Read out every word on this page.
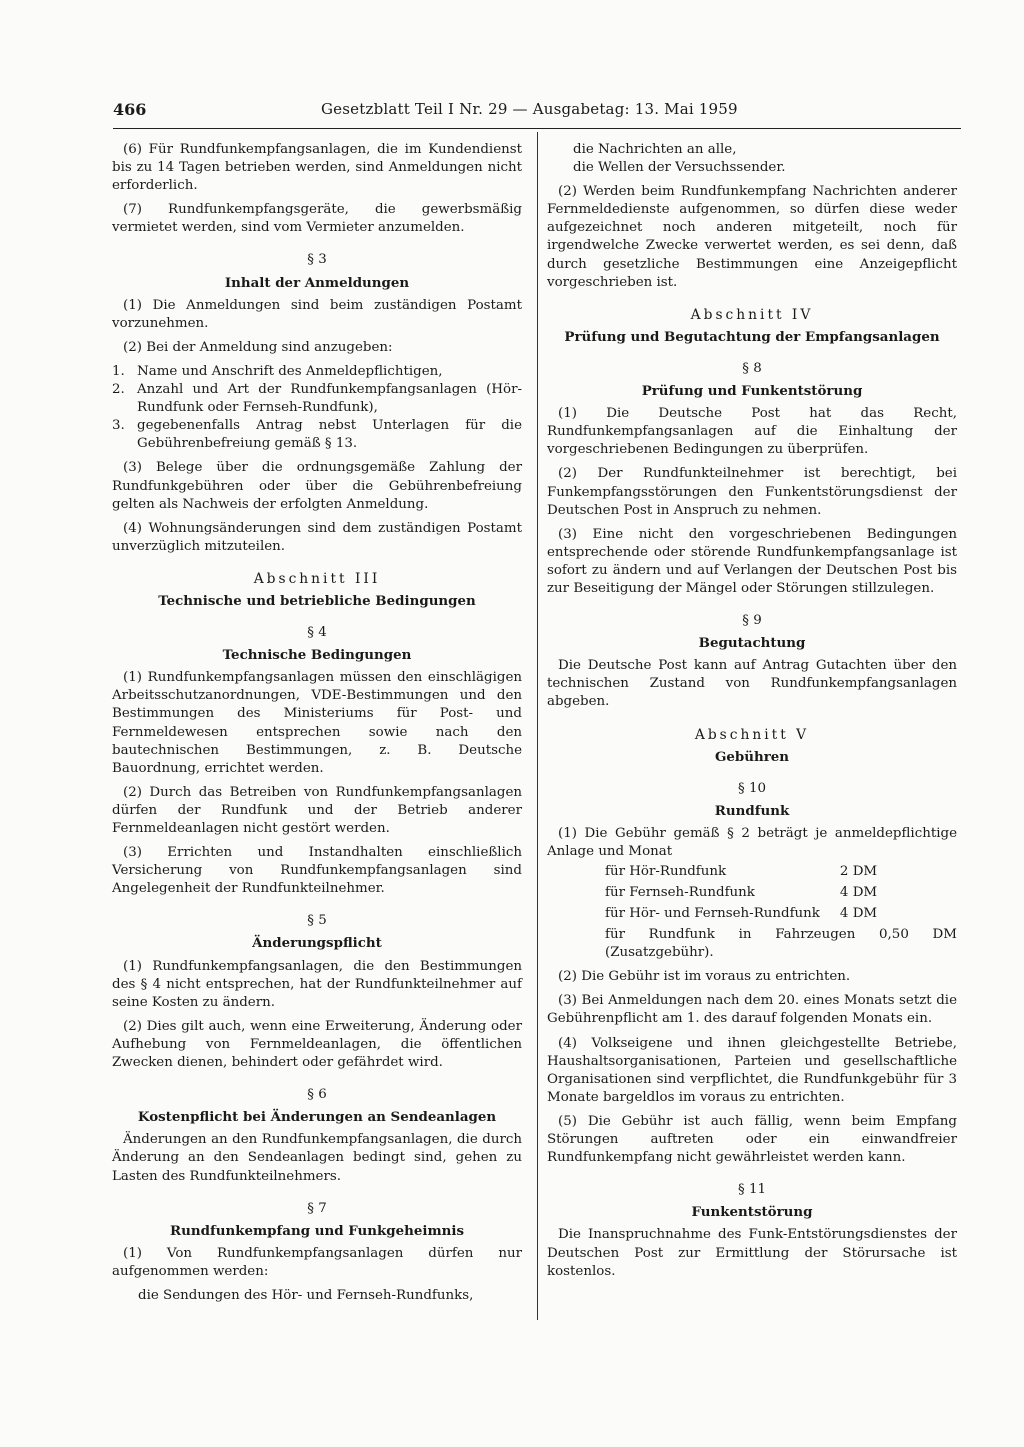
466	Gesetzblatt Teil I Nr. 29 — Ausgabetag: 13. Mai 1959

(6) Für Rundfunkempfangsanlagen, die im Kundendienst bis zu 14 Tagen betrieben werden, sind Anmeldungen nicht erforderlich.

(7) Rundfunkempfangsgeräte, die gewerbsmäßig vermietet werden, sind vom Vermieter anzumelden.

§ 3
Inhalt der Anmeldungen

(1) Die Anmeldungen sind beim zuständigen Postamt vorzunehmen.

(2) Bei der Anmeldung sind anzugeben:

1. Name und Anschrift des Anmeldepflichtigen,
2. Anzahl und Art der Rundfunkempfangsanlagen (Hör-Rundfunk oder Fernseh-Rundfunk),
3. gegebenenfalls Antrag nebst Unterlagen für die Gebührenbefreiung gemäß § 13.

(3) Belege über die ordnungsgemäße Zahlung der Rundfunkgebühren oder über die Gebührenbefreiung gelten als Nachweis der erfolgten Anmeldung.

(4) Wohnungsänderungen sind dem zuständigen Postamt unverzüglich mitzuteilen.

Abschnitt III
Technische und betriebliche Bedingungen
§ 4
Technische Bedingungen

(1) Rundfunkempfangsanlagen müssen den einschlägigen Arbeitsschutzanordnungen, VDE-Bestimmungen und den Bestimmungen des Ministeriums für Post- und Fernmeldewesen entsprechen sowie nach den bautechnischen Bestimmungen, z. B. Deutsche Bauordnung, errichtet werden.

(2) Durch das Betreiben von Rundfunkempfangsanlagen dürfen der Rundfunk und der Betrieb anderer Fernmeldeanlagen nicht gestört werden.

(3) Errichten und Instandhalten einschließlich Versicherung von Rundfunkempfangsanlagen sind Angelegenheit der Rundfunkteilnehmer.

§ 5
Änderungspflicht

(1) Rundfunkempfangsanlagen, die den Bestimmungen des § 4 nicht entsprechen, hat der Rundfunkteilnehmer auf seine Kosten zu ändern.

(2) Dies gilt auch, wenn eine Erweiterung, Änderung oder Aufhebung von Fernmeldeanlagen, die öffentlichen Zwecken dienen, behindert oder gefährdet wird.

§ 6
Kostenpflicht bei Änderungen an Sendeanlagen

Änderungen an den Rundfunkempfangsanlagen, die durch Änderung an den Sendeanlagen bedingt sind, gehen zu Lasten des Rundfunkteilnehmers.

§ 7
Rundfunkempfang und Funkgeheimnis

(1) Von Rundfunkempfangsanlagen dürfen nur aufgenommen werden:

die Sendungen des Hör- und Fernseh-Rundfunks,

die Nachrichten an alle,

die Wellen der Versuchssender.

(2) Werden beim Rundfunkempfang Nachrichten anderer Fernmeldedienste aufgenommen, so dürfen diese weder aufgezeichnet noch anderen mitgeteilt, noch für irgendwelche Zwecke verwertet werden, es sei denn, daß durch gesetzliche Bestimmungen eine Anzeigepflicht vorgeschrieben ist.

Abschnitt IV
Prüfung und Begutachtung der Empfangsanlagen
§ 8
Prüfung und Funkentstörung

(1) Die Deutsche Post hat das Recht, Rundfunkempfangsanlagen auf die Einhaltung der vorgeschriebenen Bedingungen zu überprüfen.

(2) Der Rundfunkteilnehmer ist berechtigt, bei Funkempfangsstörungen den Funkentstörungsdienst der Deutschen Post in Anspruch zu nehmen.

(3) Eine nicht den vorgeschriebenen Bedingungen entsprechende oder störende Rundfunkempfangsanlage ist sofort zu ändern und auf Verlangen der Deutschen Post bis zur Beseitigung der Mängel oder Störungen stillzulegen.

§ 9
Begutachtung

Die Deutsche Post kann auf Antrag Gutachten über den technischen Zustand von Rundfunkempfangsanlagen abgeben.

Abschnitt V
Gebühren
§ 10
Rundfunk

(1) Die Gebühr gemäß § 2 beträgt je anmeldepflichtige Anlage und Monat

für Hör-Rundfunk	2 DM
für Fernseh-Rundfunk	4 DM
für Hör- und Fernseh-Rundfunk	4 DM
für Rundfunk in Fahrzeugen 0,50 DM (Zusatzgebühr).

(2) Die Gebühr ist im voraus zu entrichten.

(3) Bei Anmeldungen nach dem 20. eines Monats setzt die Gebührenpflicht am 1. des darauf folgenden Monats ein.

(4) Volkseigene und ihnen gleichgestellte Betriebe, Haushaltsorganisationen, Parteien und gesellschaftliche Organisationen sind verpflichtet, die Rundfunkgebühr für 3 Monate bargeldlos im voraus zu entrichten.

(5) Die Gebühr ist auch fällig, wenn beim Empfang Störungen auftreten oder ein einwandfreier Rundfunkempfang nicht gewährleistet werden kann.

§ 11
Funkentstörung

Die Inanspruchnahme des Funk-Entstörungsdienstes der Deutschen Post zur Ermittlung der Störursache ist kostenlos.
